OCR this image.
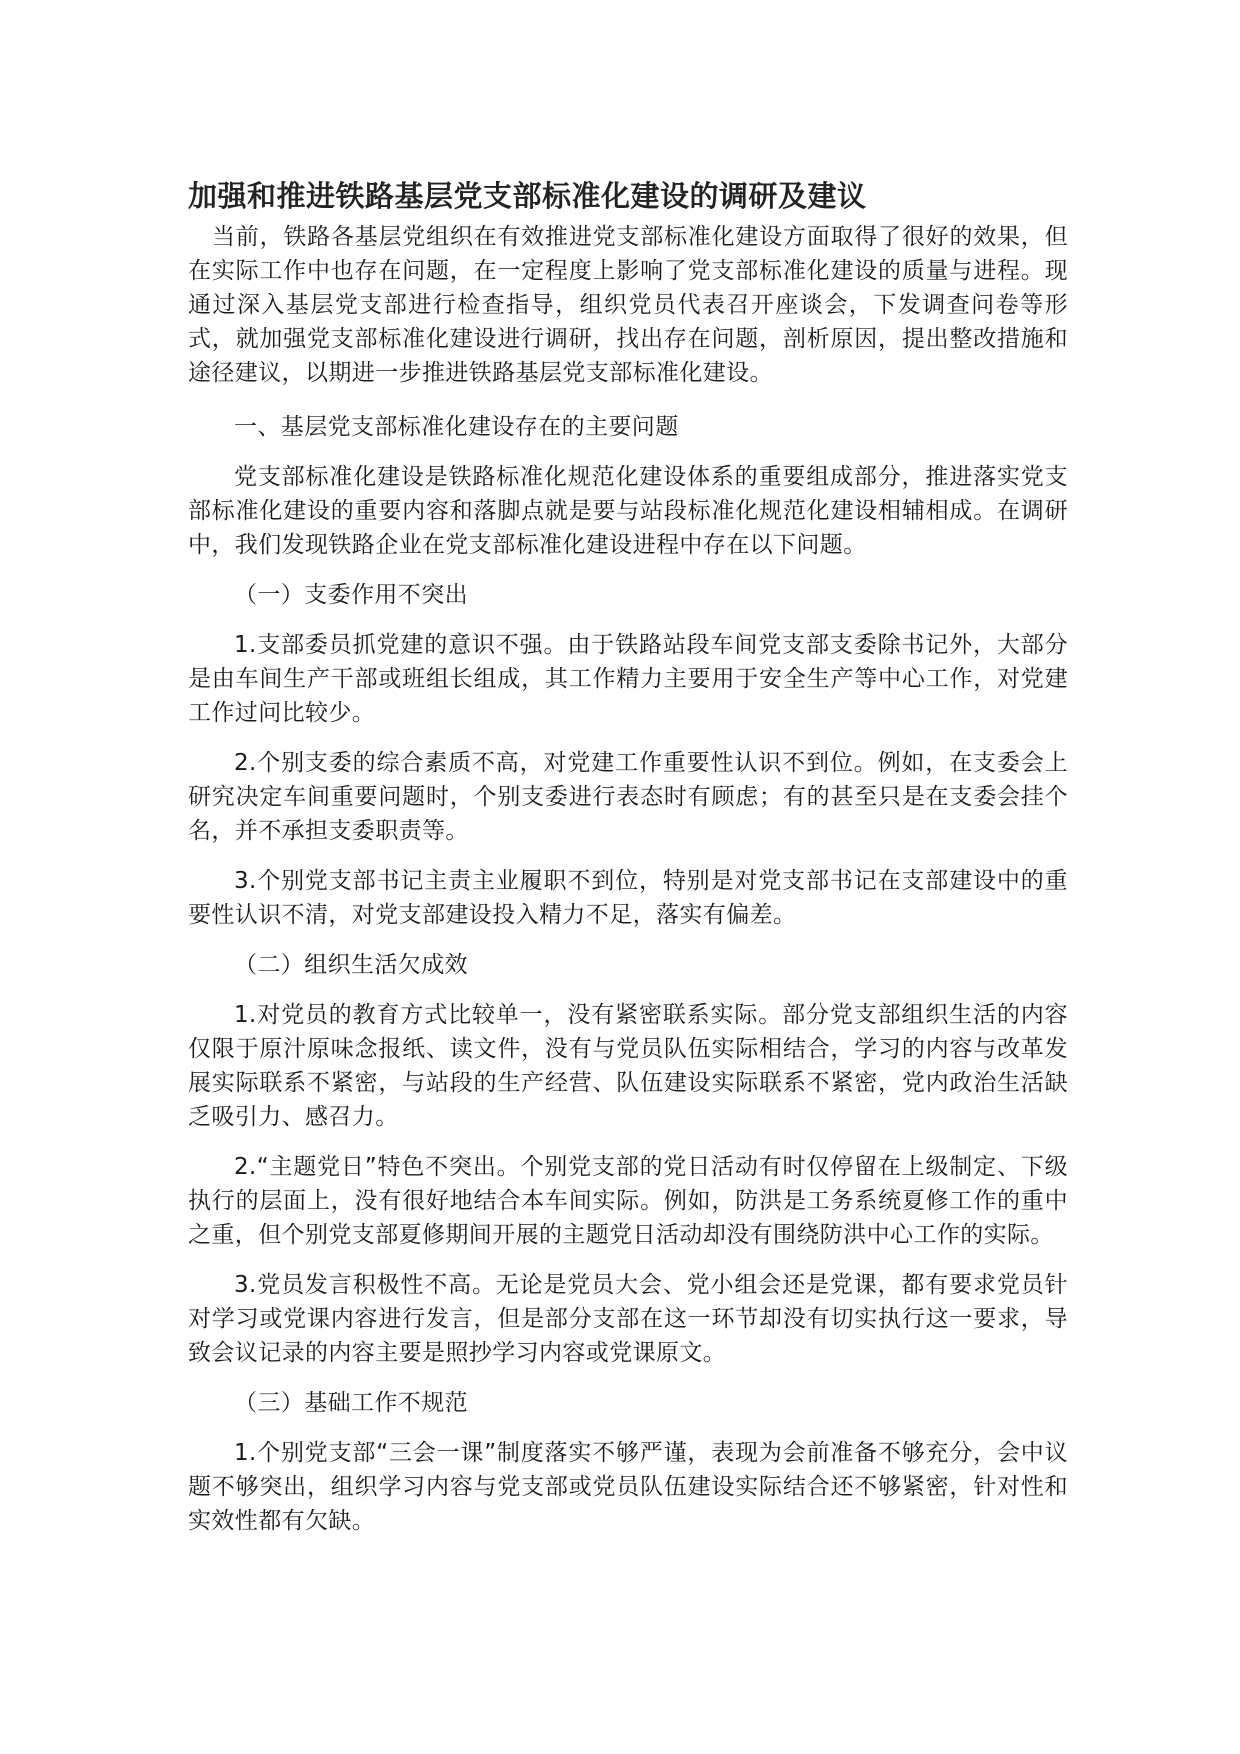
加强和推进铁路基层党支部标准化建设的调研及建议

当前，铁路各基层党组织在有效推进党支部标准化建设方面取得了很好的效果，但在实际工作中也存在问题，在一定程度上影响了党支部标准化建设的质量与进程。现通过深入基层党支部进行检查指导，组织党员代表召开座谈会，下发调查问卷等形式，就加强党支部标准化建设进行调研，找出存在问题，剖析原因，提出整改措施和途径建议，以期进一步推进铁路基层党支部标准化建设。

一、基层党支部标准化建设存在的主要问题

党支部标准化建设是铁路标准化规范化建设体系的重要组成部分，推进落实党支部标准化建设的重要内容和落脚点就是要与站段标准化规范化建设相辅相成。在调研中，我们发现铁路企业在党支部标准化建设进程中存在以下问题。

（一）支委作用不突出

1.支部委员抓党建的意识不强。由于铁路站段车间党支部支委除书记外，大部分是由车间生产干部或班组长组成，其工作精力主要用于安全生产等中心工作，对党建工作过问比较少。

2.个别支委的综合素质不高，对党建工作重要性认识不到位。例如，在支委会上研究决定车间重要问题时，个别支委进行表态时有顾虑；有的甚至只是在支委会挂个名，并不承担支委职责等。

3.个别党支部书记主责主业履职不到位，特别是对党支部书记在支部建设中的重要性认识不清，对党支部建设投入精力不足，落实有偏差。

（二）组织生活欠成效

1.对党员的教育方式比较单一，没有紧密联系实际。部分党支部组织生活的内容仅限于原汁原味念报纸、读文件，没有与党员队伍实际相结合，学习的内容与改革发展实际联系不紧密，与站段的生产经营、队伍建设实际联系不紧密，党内政治生活缺乏吸引力、感召力。

2.“主题党日”特色不突出。个别党支部的党日活动有时仅停留在上级制定、下级执行的层面上，没有很好地结合本车间实际。例如，防洪是工务系统夏修工作的重中之重，但个别党支部夏修期间开展的主题党日活动却没有围绕防洪中心工作的实际。

3.党员发言积极性不高。无论是党员大会、党小组会还是党课，都有要求党员针对学习或党课内容进行发言，但是部分支部在这一环节却没有切实执行这一要求，导致会议记录的内容主要是照抄学习内容或党课原文。

（三）基础工作不规范

1.个别党支部“三会一课”制度落实不够严谨，表现为会前准备不够充分，会中议题不够突出，组织学习内容与党支部或党员队伍建设实际结合还不够紧密，针对性和实效性都有欠缺。
